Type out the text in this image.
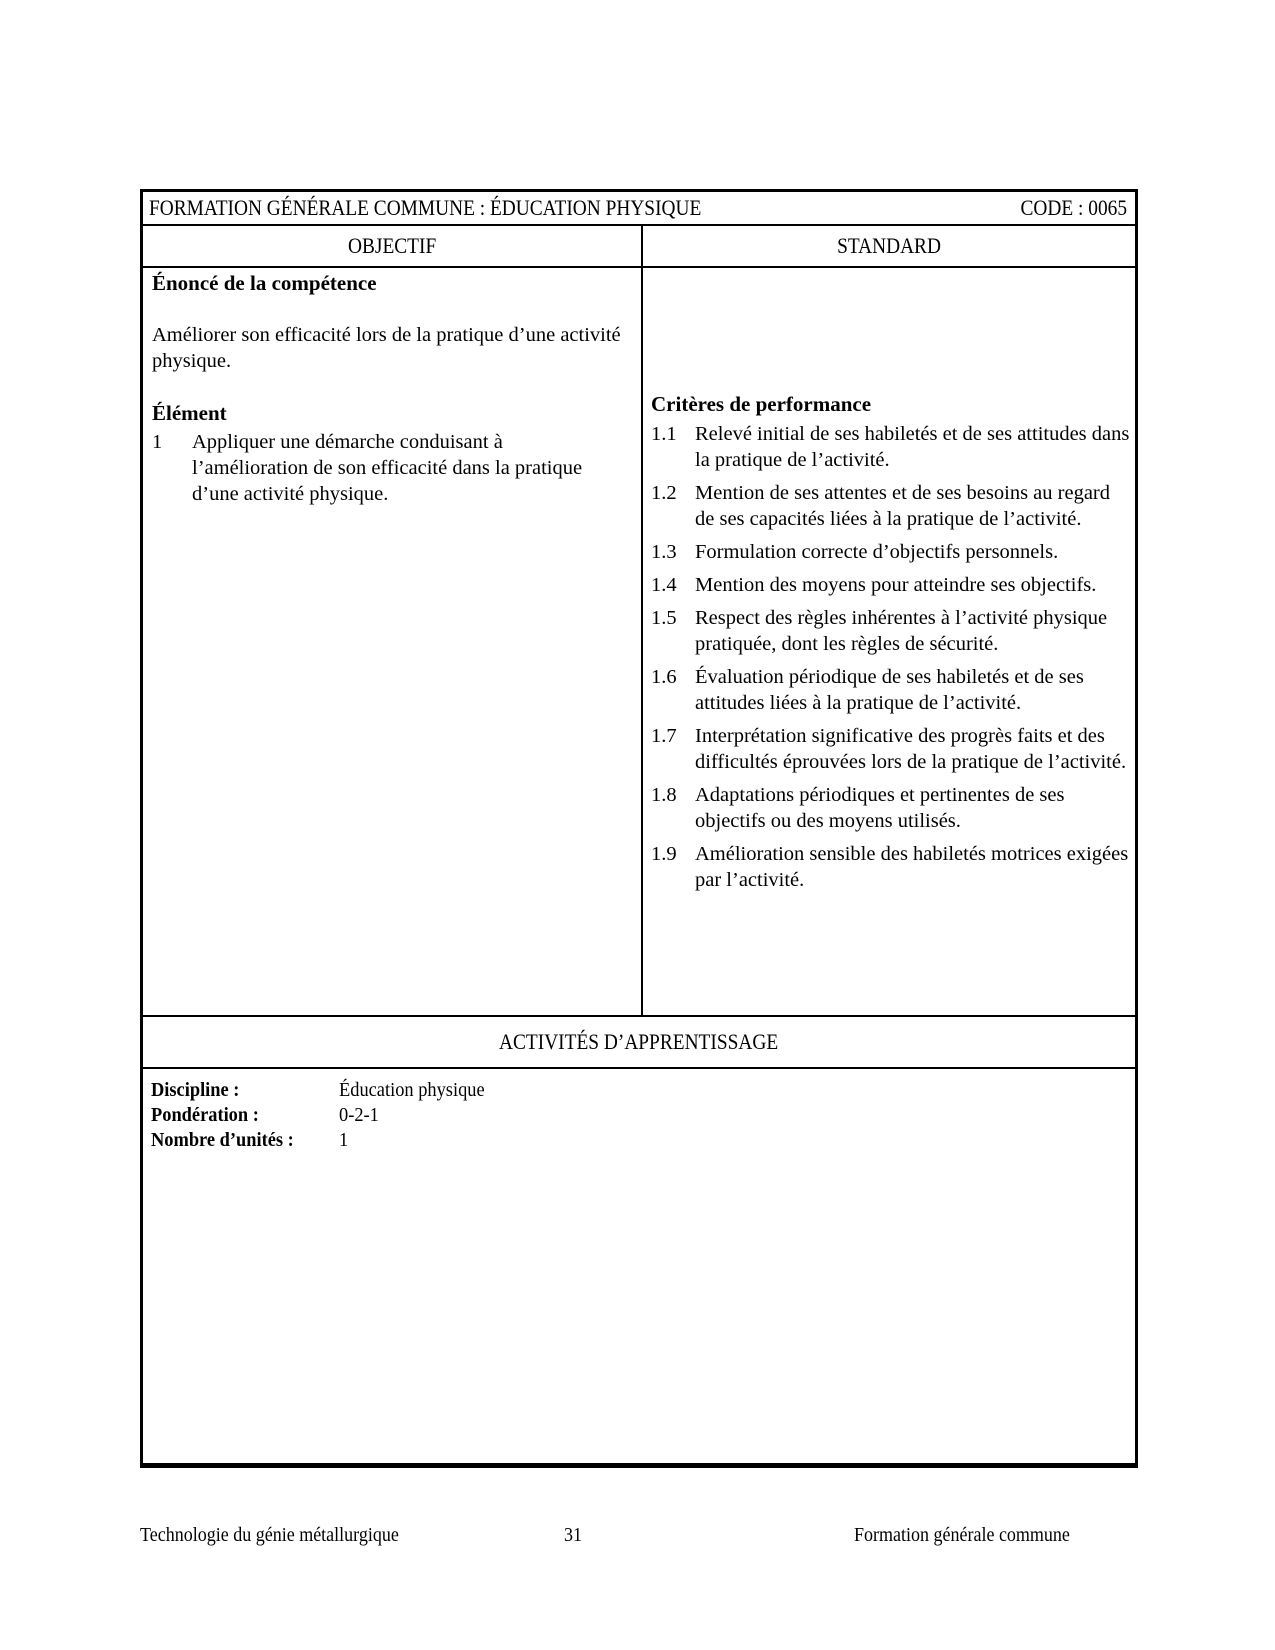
FORMATION GÉNÉRALE COMMUNE : ÉDUCATION PHYSIQUE	CODE : 0065
OBJECTIF	STANDARD
Énoncé de la compétence

Améliorer son efficacité lors de la pratique d’une activité physique.

Élément
1	Appliquer une démarche conduisant à l’amélioration de son efficacité dans la pratique d’une activité physique.
Critères de performance
1.1 Relevé initial de ses habiletés et de ses attitudes dans la pratique de l’activité.
1.2 Mention de ses attentes et de ses besoins au regard de ses capacités liées à la pratique de l’activité.
1.3 Formulation correcte d’objectifs personnels.
1.4 Mention des moyens pour atteindre ses objectifs.
1.5 Respect des règles inhérentes à l’activité physique pratiquée, dont les règles de sécurité.
1.6 Évaluation périodique de ses habiletés et de ses attitudes liées à la pratique de l’activité.
1.7 Interprétation significative des progrès faits et des difficultés éprouvées lors de la pratique de l’activité.
1.8 Adaptations périodiques et pertinentes de ses objectifs ou des moyens utilisés.
1.9 Amélioration sensible des habiletés motrices exigées par l’activité.
ACTIVITÉS D’APPRENTISSAGE
Discipline :	Éducation physique
Pondération :	0-2-1
Nombre d’unités :	1
Technologie du génie métallurgique	31	Formation générale commune
